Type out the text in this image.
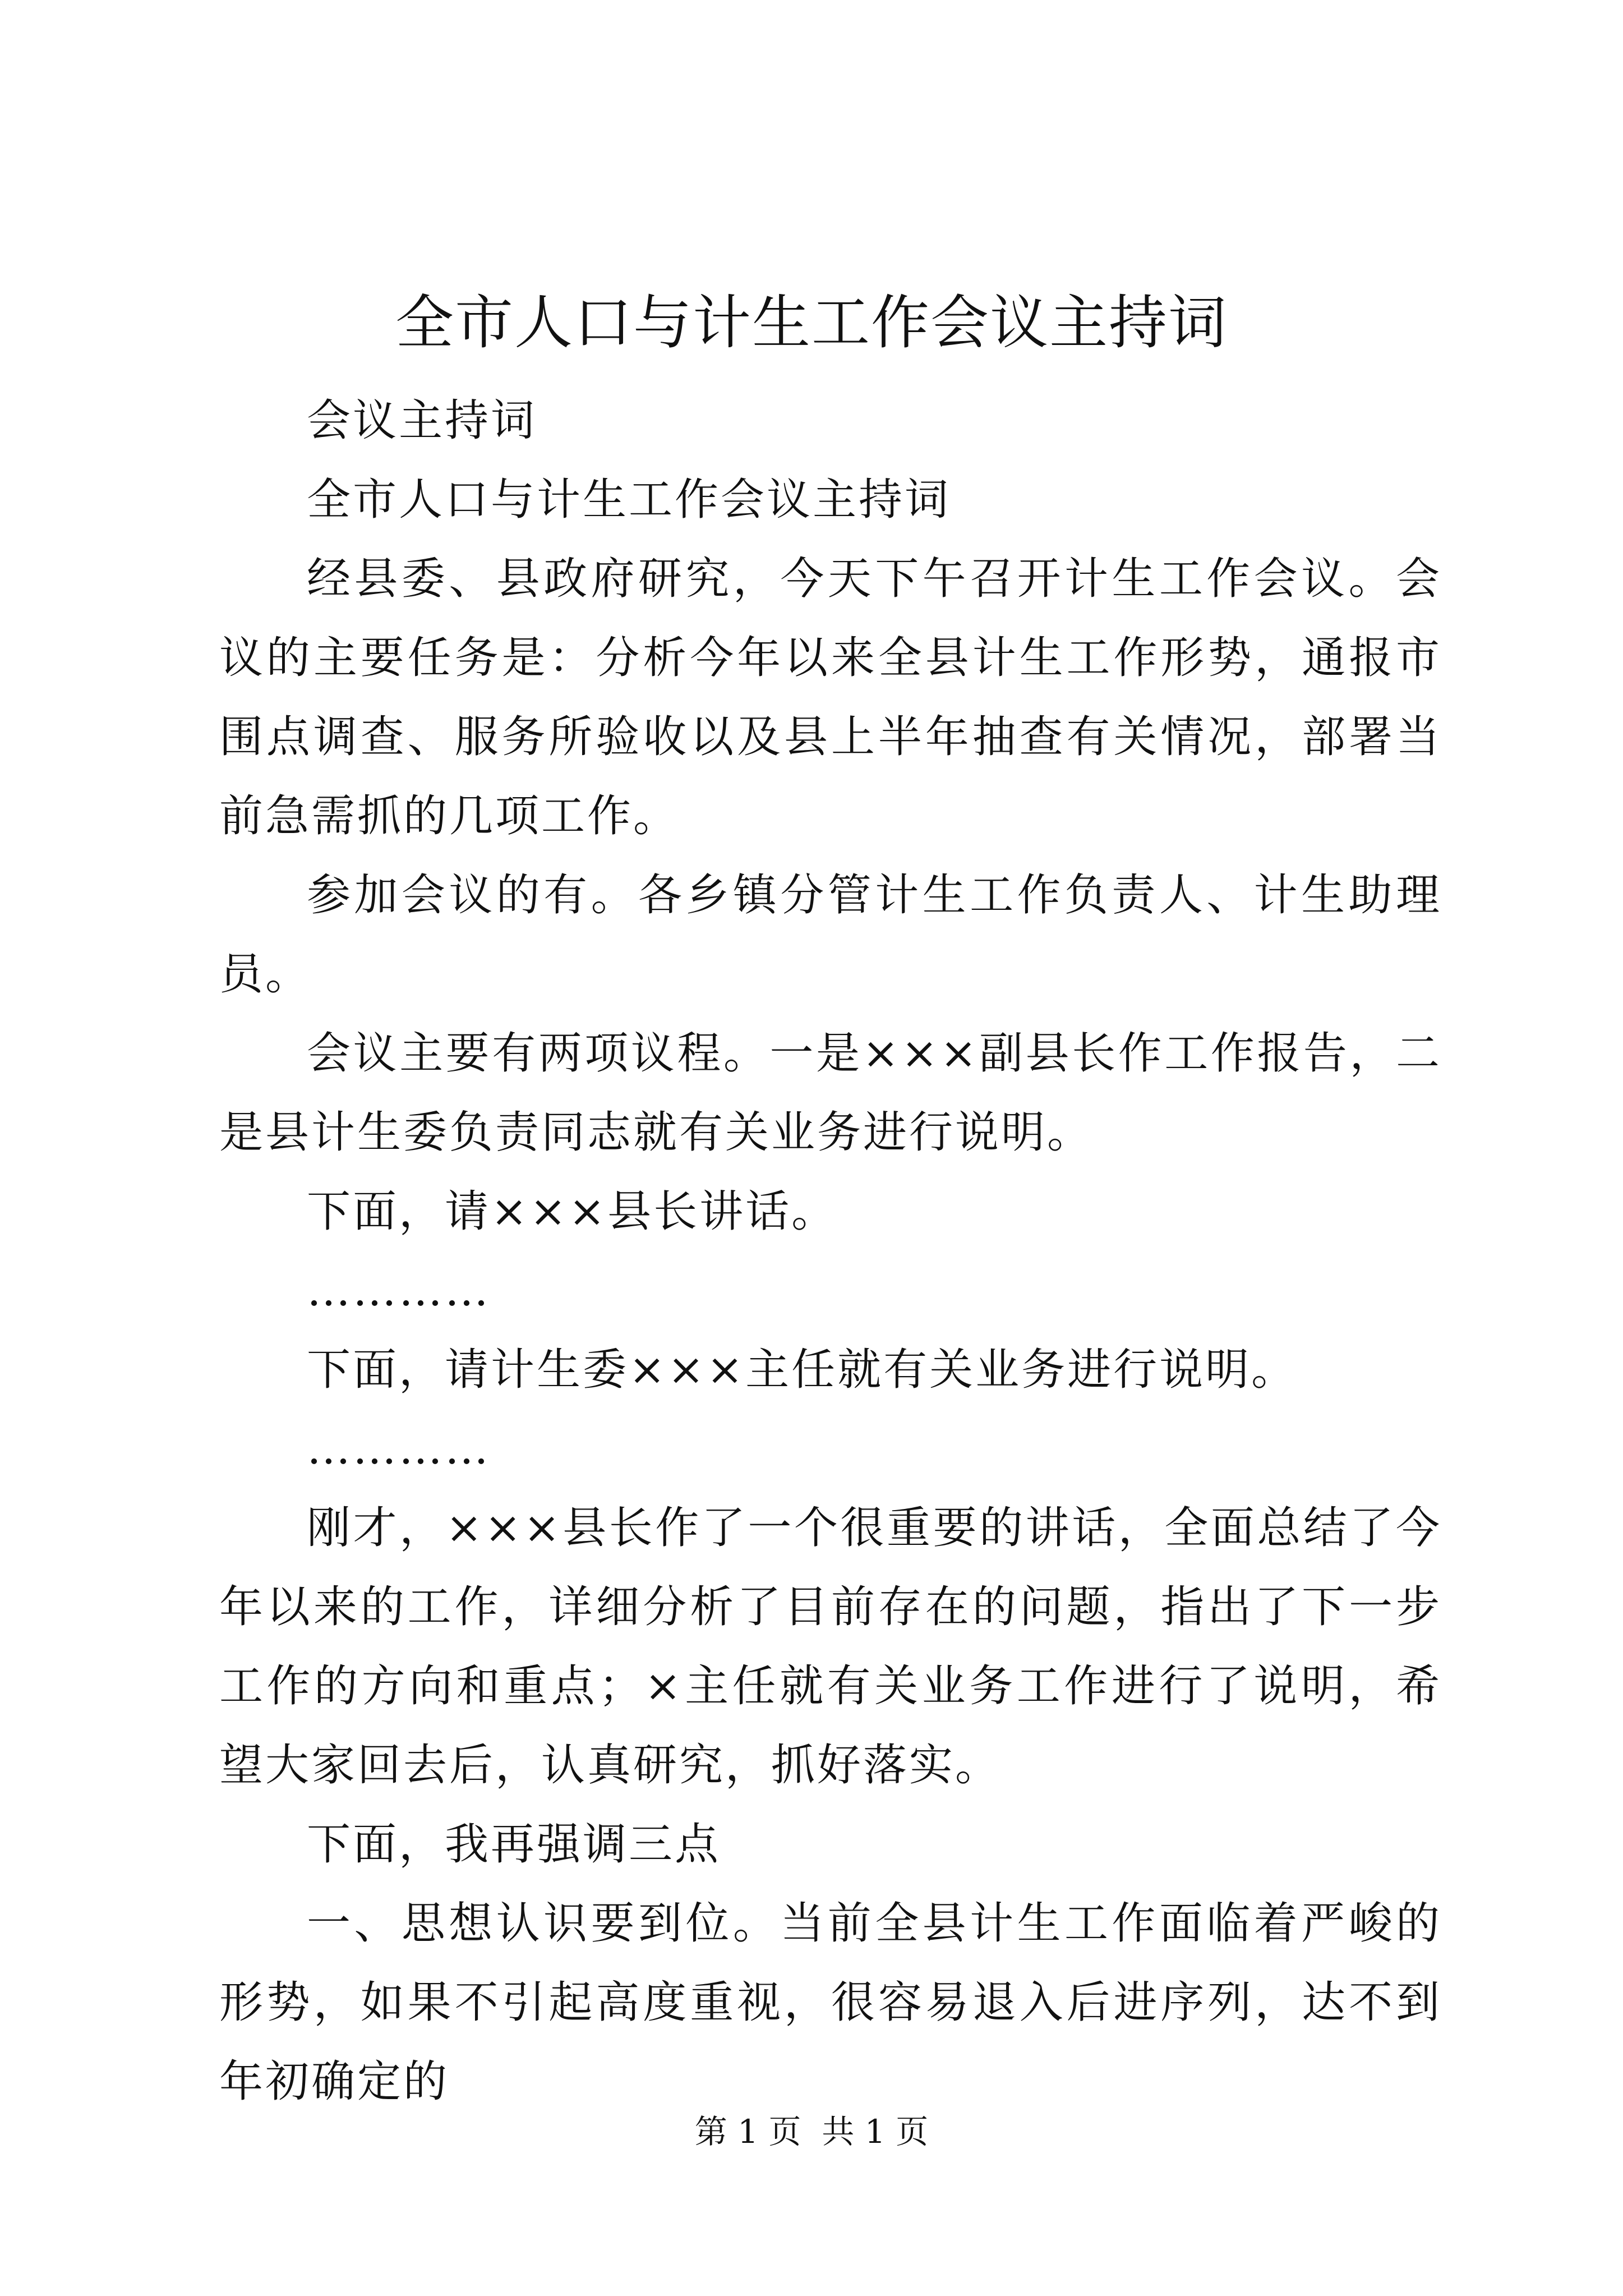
全市人口与计生工作会议主持词

会议主持词

全市人口与计生工作会议主持词

经县委、县政府研究，今天下午召开计生工作会议。会议的主要任务是：分析今年以来全县计生工作形势，通报市围点调查、服务所验收以及县上半年抽查有关情况，部署当前急需抓的几项工作。

参加会议的有。各乡镇分管计生工作负责人、计生助理员。

会议主要有两项议程。一是×××副县长作工作报告，二是县计生委负责同志就有关业务进行说明。

下面，请×××县长讲话。

…………

下面，请计生委×××主任就有关业务进行说明。

…………

刚才，×××县长作了一个很重要的讲话，全面总结了今年以来的工作，详细分析了目前存在的问题，指出了下一步工作的方向和重点；×主任就有关业务工作进行了说明，希望大家回去后，认真研究，抓好落实。

下面，我再强调三点

一、思想认识要到位。当前全县计生工作面临着严峻的形势，如果不引起高度重视，很容易退入后进序列，达不到年初确定的

第 1 页  共 1 页
